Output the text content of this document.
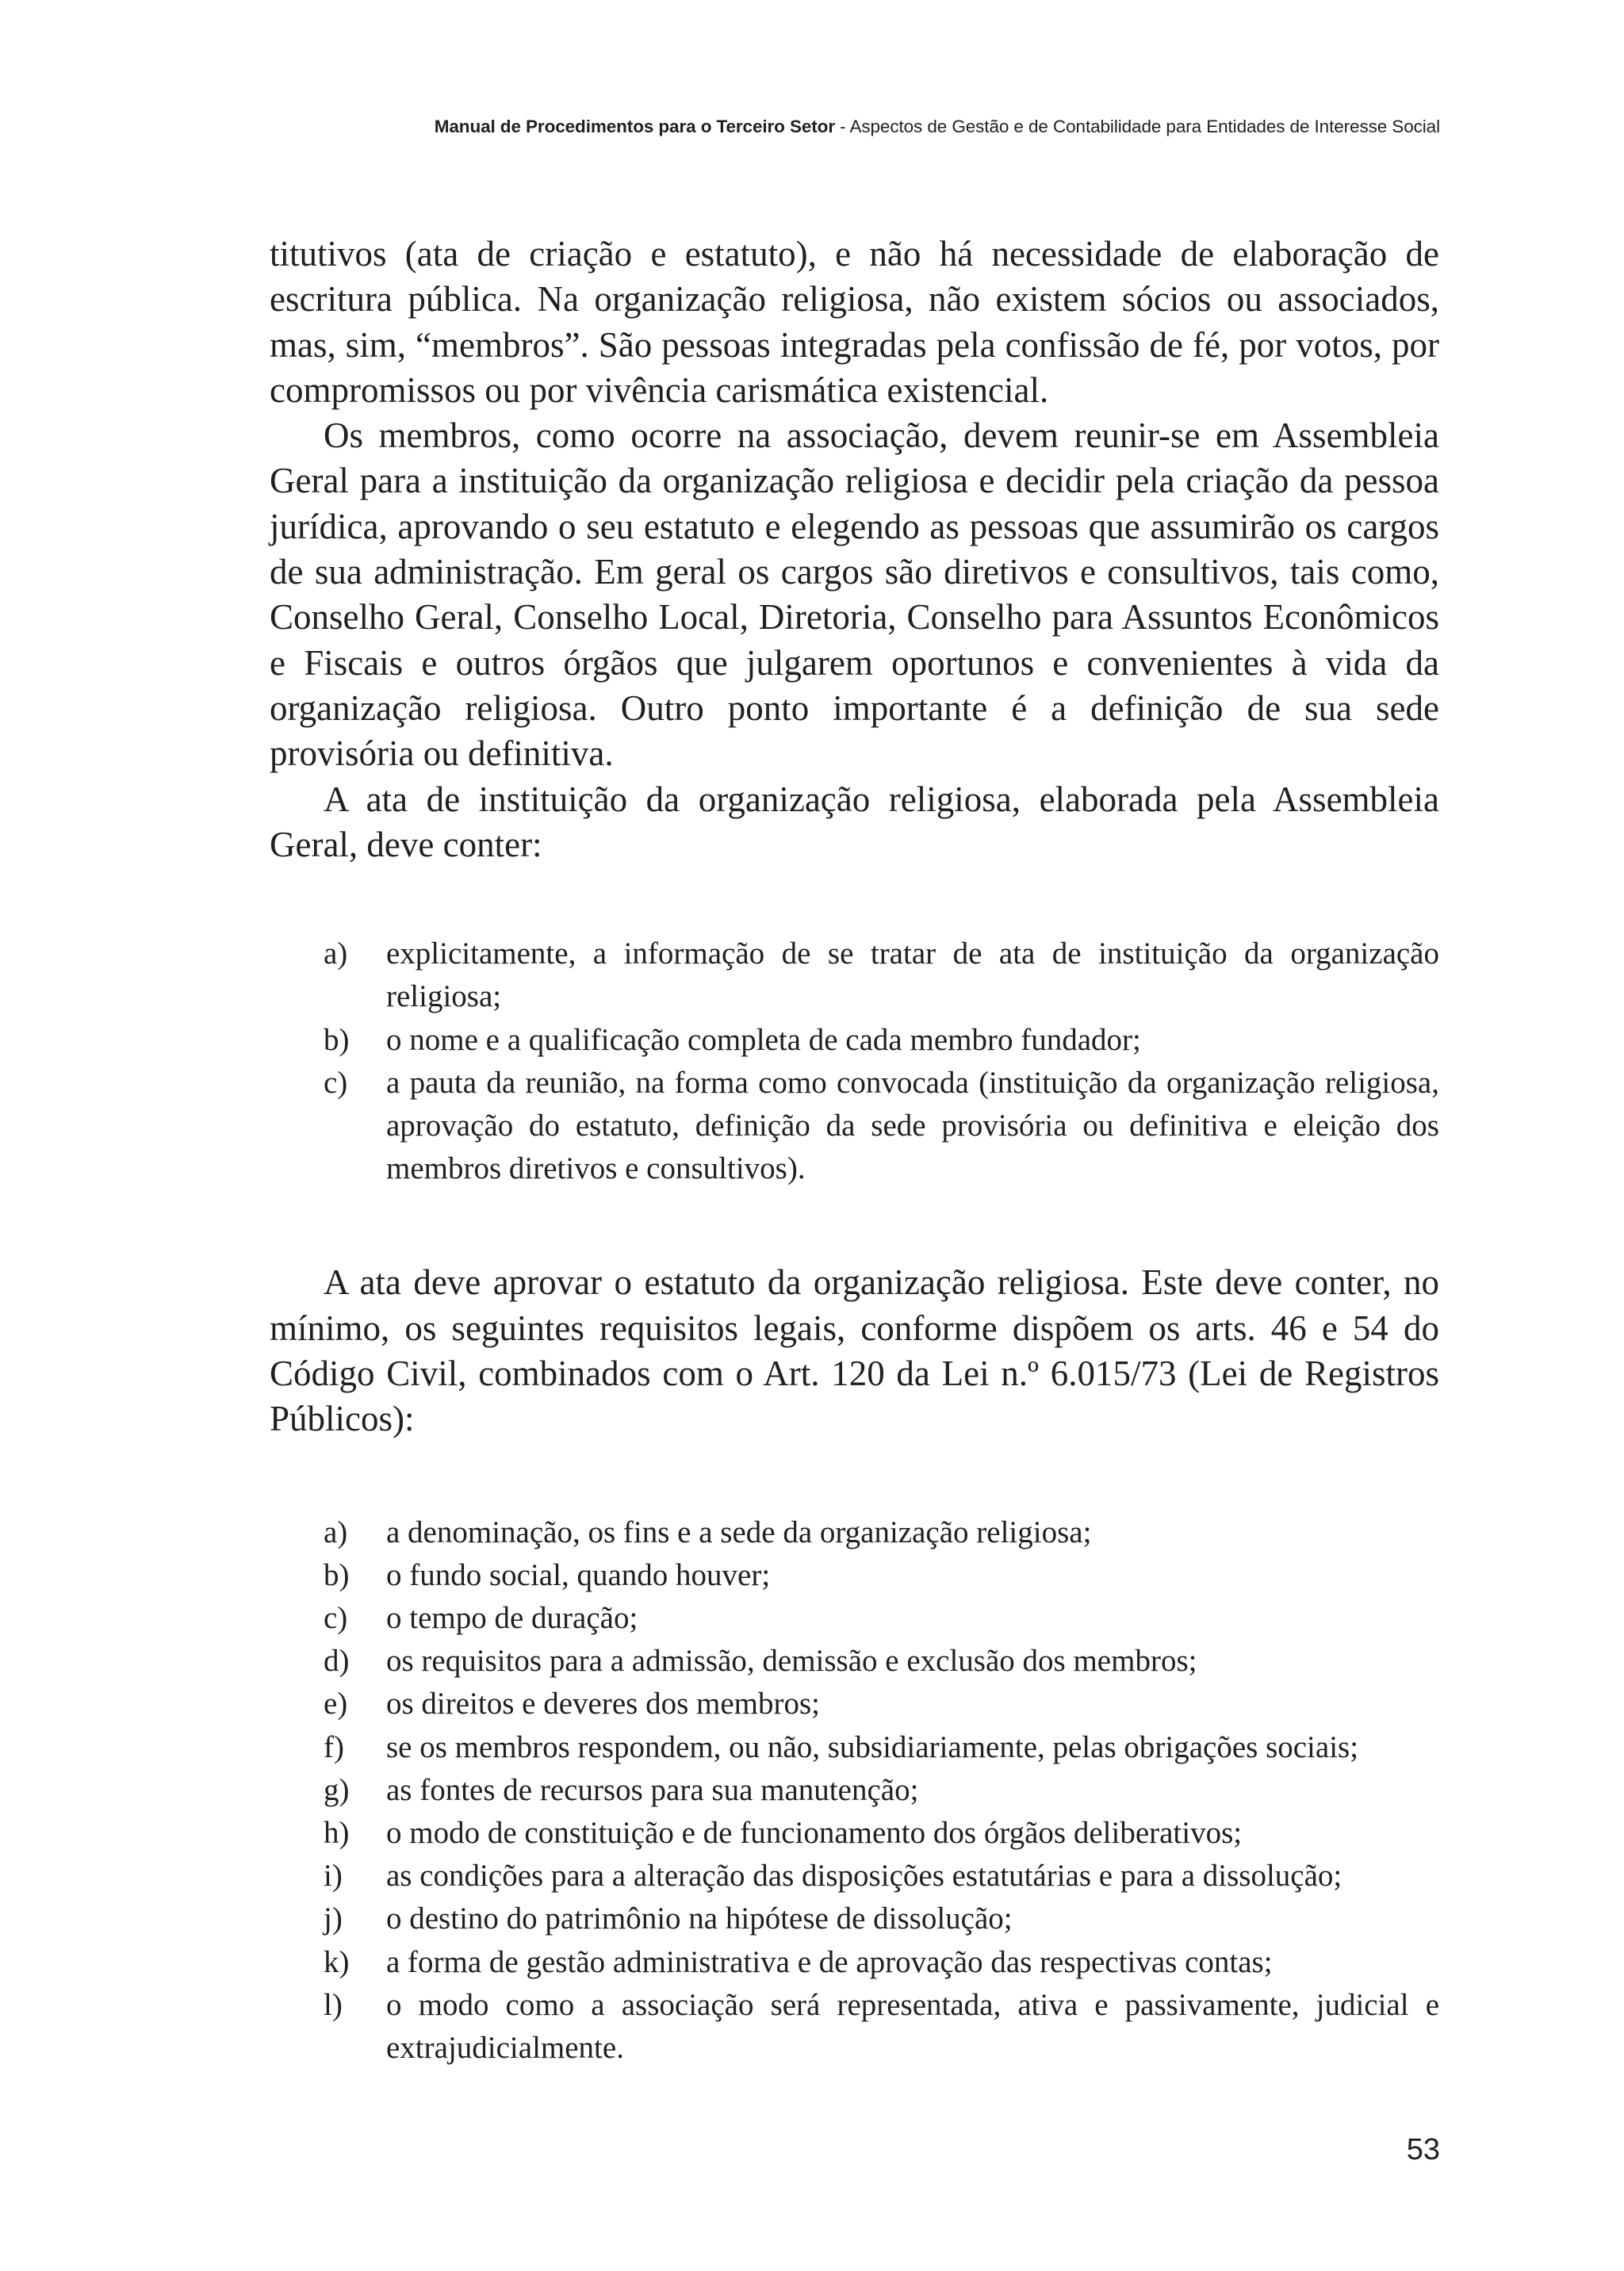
Manual de Procedimentos para o Terceiro Setor - Aspectos de Gestão e de Contabilidade para Entidades de Interesse Social

titutivos (ata de criação e estatuto), e não há necessidade de elaboração de escritura pública. Na organização religiosa, não existem sócios ou associados, mas, sim, “membros”. São pessoas integradas pela confissão de fé, por votos, por compromissos ou por vivência carismática existencial.

Os membros, como ocorre na associação, devem reunir-se em Assembleia Geral para a instituição da organização religiosa e decidir pela criação da pessoa jurídica, aprovando o seu estatuto e elegendo as pessoas que assumirão os cargos de sua administração. Em geral os cargos são diretivos e consultivos, tais como, Conselho Geral, Conselho Local, Diretoria, Conselho para Assuntos Econômicos e Fiscais e outros órgãos que julgarem oportunos e convenientes à vida da organização religiosa. Outro ponto importante é a definição de sua sede provisória ou definitiva.

A ata de instituição da organização religiosa, elaborada pela Assembleia Geral, deve conter:

a) explicitamente, a informação de se tratar de ata de instituição da organização religiosa;
b) o nome e a qualificação completa de cada membro fundador;
c) a pauta da reunião, na forma como convocada (instituição da organização religiosa, aprovação do estatuto, definição da sede provisória ou definitiva e eleição dos membros diretivos e consultivos).

A ata deve aprovar o estatuto da organização religiosa. Este deve conter, no mínimo, os seguintes requisitos legais, conforme dispõem os arts. 46 e 54 do Código Civil, combinados com o Art. 120 da Lei n.º 6.015/73 (Lei de Registros Públicos):

a) a denominação, os fins e a sede da organização religiosa;
b) o fundo social, quando houver;
c) o tempo de duração;
d) os requisitos para a admissão, demissão e exclusão dos membros;
e) os direitos e deveres dos membros;
f) se os membros respondem, ou não, subsidiariamente, pelas obrigações sociais;
g) as fontes de recursos para sua manutenção;
h) o modo de constituição e de funcionamento dos órgãos deliberativos;
i) as condições para a alteração das disposições estatutárias e para a dissolução;
j) o destino do patrimônio na hipótese de dissolução;
k) a forma de gestão administrativa e de aprovação das respectivas contas;
l) o modo como a associação será representada, ativa e passivamente, judicial e extrajudicialmente.
53
